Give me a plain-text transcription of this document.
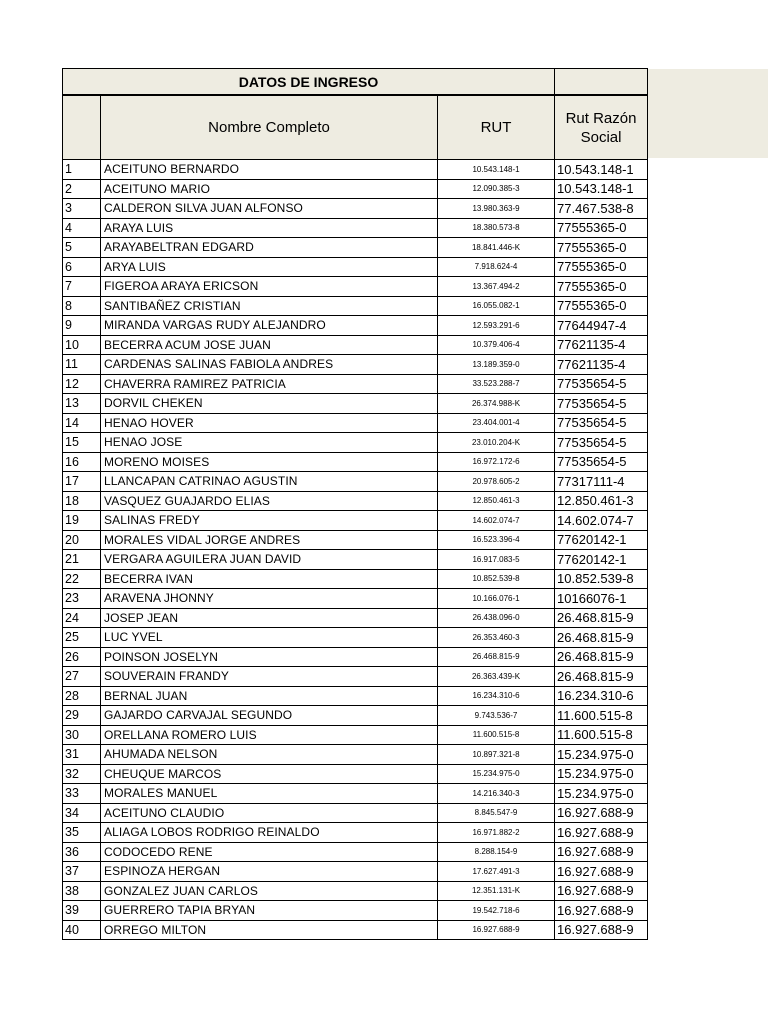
DATOS DE INGRESO			
	Nombre Completo	RUT	Rut Razón
Social

1	ACEITUNO BERNARDO	10.543.148-1	10.543.148-1
2	ACEITUNO MARIO	12.090.385-3	10.543.148-1
3	CALDERON SILVA JUAN ALFONSO	13.980.363-9	77.467.538-8
4	ARAYA LUIS	18.380.573-8	77555365-0
5	ARAYABELTRAN EDGARD	18.841.446-K	77555365-0
6	ARYA LUIS	7.918.624-4	77555365-0
7	FIGEROA ARAYA ERICSON	13.367.494-2	77555365-0
8	SANTIBAÑEZ CRISTIAN	16.055.082-1	77555365-0
9	MIRANDA VARGAS RUDY ALEJANDRO	12.593.291-6	77644947-4
10	BECERRA ACUM JOSE JUAN	10.379.406-4	77621135-4
11	CARDENAS SALINAS FABIOLA ANDRES	13.189.359-0	77621135-4
12	CHAVERRA RAMIREZ PATRICIA	33.523.288-7	77535654-5
13	DORVIL CHEKEN	26.374.988-K	77535654-5
14	HENAO HOVER	23.404.001-4	77535654-5
15	HENAO JOSE	23.010.204-K	77535654-5
16	MORENO MOISES	16.972.172-6	77535654-5
17	LLANCAPAN CATRINAO AGUSTIN	20.978.605-2	77317111-4
18	VASQUEZ GUAJARDO ELIAS	12.850.461-3	12.850.461-3
19	SALINAS FREDY	14.602.074-7	14.602.074-7
20	MORALES VIDAL JORGE ANDRES	16.523.396-4	77620142-1
21	VERGARA AGUILERA JUAN DAVID	16.917.083-5	77620142-1
22	BECERRA IVAN	10.852.539-8	10.852.539-8
23	ARAVENA JHONNY	10.166.076-1	10166076-1
24	JOSEP JEAN	26.438.096-0	26.468.815-9
25	LUC YVEL	26.353.460-3	26.468.815-9
26	POINSON JOSELYN	26.468.815-9	26.468.815-9
27	SOUVERAIN FRANDY	26.363.439-K	26.468.815-9
28	BERNAL JUAN	16.234.310-6	16.234.310-6
29	GAJARDO CARVAJAL SEGUNDO	9.743.536-7	11.600.515-8
30	ORELLANA ROMERO LUIS	11.600.515-8	11.600.515-8
31	AHUMADA NELSON	10.897.321-8	15.234.975-0
32	CHEUQUE MARCOS	15.234.975-0	15.234.975-0
33	MORALES MANUEL	14.216.340-3	15.234.975-0
34	ACEITUNO CLAUDIO	8.845.547-9	16.927.688-9
35	ALIAGA LOBOS RODRIGO REINALDO	16.971.882-2	16.927.688-9
36	CODOCEDO RENE	8.288.154-9	16.927.688-9
37	ESPINOZA HERGAN	17.627.491-3	16.927.688-9
38	GONZALEZ JUAN CARLOS	12.351.131-K	16.927.688-9
39	GUERRERO TAPIA BRYAN	19.542.718-6	16.927.688-9
40	ORREGO MILTON	16.927.688-9	16.927.688-9
